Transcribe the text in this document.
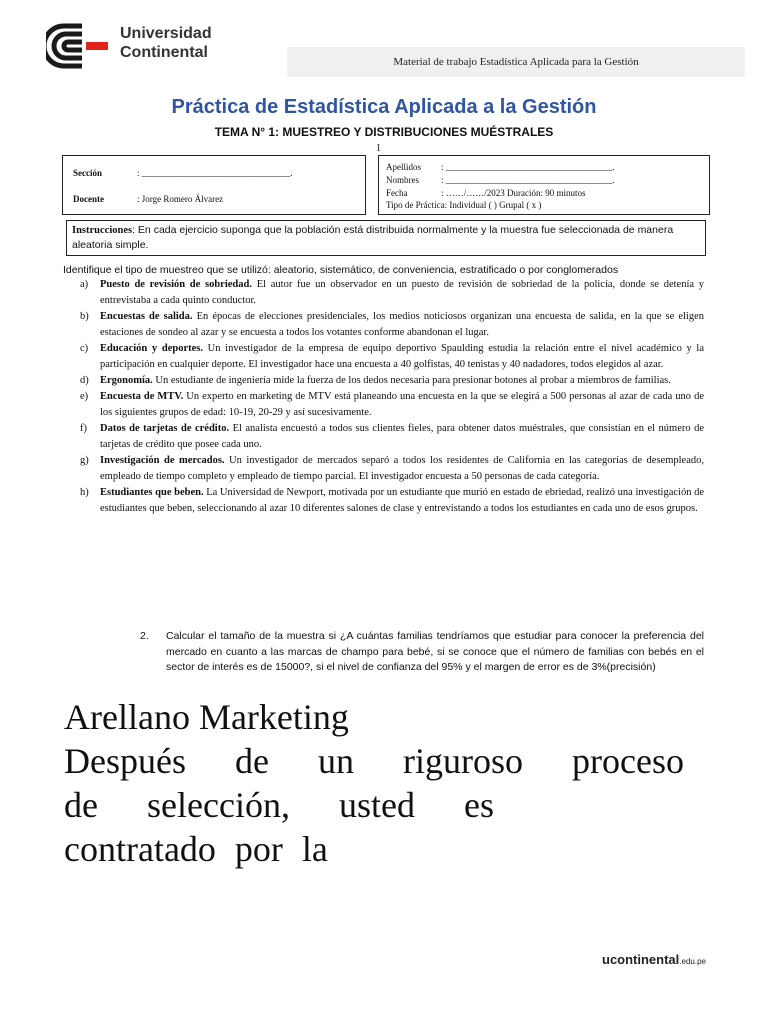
Universidad
Continental
Material de trabajo Estadística Aplicada para la Gestión
Práctica de Estadística Aplicada a la Gestión
TEMA N° 1: MUESTREO Y DISTRIBUCIONES MUÉSTRALES
1
Sección	: _________________________________.
Docente	: Jorge Romero Álvarez
Apellidos : _____________________________________.
Nombres : _____________________________________.
Fecha	: ……/……/2023 Duración: 90 minutos
Tipo de Práctica: Individual ( ) Grupal ( x )
Instrucciones: En cada ejercicio suponga que la población está distribuida normalmente y la muestra fue seleccionada de manera aleatoria simple.
Identifique el tipo de muestreo que se utilizó: aleatorio, sistemático, de conveniencia, estratificado o por conglomerados
a)	Puesto de revisión de sobriedad. El autor fue un observador en un puesto de revisión de sobriedad de la policía, donde se detenía y entrevistaba a cada quinto conductor.
b)	Encuestas de salida. En épocas de elecciones presidenciales, los medios noticiosos organizan una encuesta de salida, en la que se eligen estaciones de sondeo al azar y se encuesta a todos los votantes conforme abandonan el lugar.
c)	Educación y deportes. Un investigador de la empresa de equipo deportivo Spaulding estudia la relación entre el nivel académico y la participación en cualquier deporte. El investigador hace una encuesta a 40 golfistas, 40 tenistas y 40 nadadores, todos elegidos al azar.
d)	Ergonomía. Un estudiante de ingeniería mide la fuerza de los dedos necesaria para presionar botones al probar a miembros de familias.
e)	Encuesta de MTV. Un experto en marketing de MTV está planeando una encuesta en la que se elegirá a 500 personas al azar de cada uno de los siguientes grupos de edad: 10-19, 20-29 y así sucesivamente.
f)	Datos de tarjetas de crédito. El analista encuestó a todos sus clientes fieles, para obtener datos muéstrales, que consistían en el número de tarjetas de crédito que posee cada uno.
g)	Investigación de mercados. Un investigador de mercados separó a todos los residentes de California en las categorías de desempleado, empleado de tiempo completo y empleado de tiempo parcial. El investigador encuesta a 50 personas de cada categoría.
h)	Estudiantes que beben. La Universidad de Newport, motivada por un estudiante que murió en estado de ebriedad, realizó una investigación de estudiantes que beben, seleccionando al azar 10 diferentes salones de clase y entrevistando a todos los estudiantes en cada uno de esos grupos.
2. Calcular el tamaño de la muestra si ¿A cuántas familias tendríamos que estudiar para conocer la preferencia del mercado en cuanto a las marcas de champo para bebé, si se conoce que el número de familias con bebés en el sector de interés es de 15000?, si el nivel de confianza del 95% y el margen de error es de 3%(precisión)
Arellano Marketing
Después de un riguroso proceso
de selección, usted es
contratado por la
ucontinental.edu.pe
